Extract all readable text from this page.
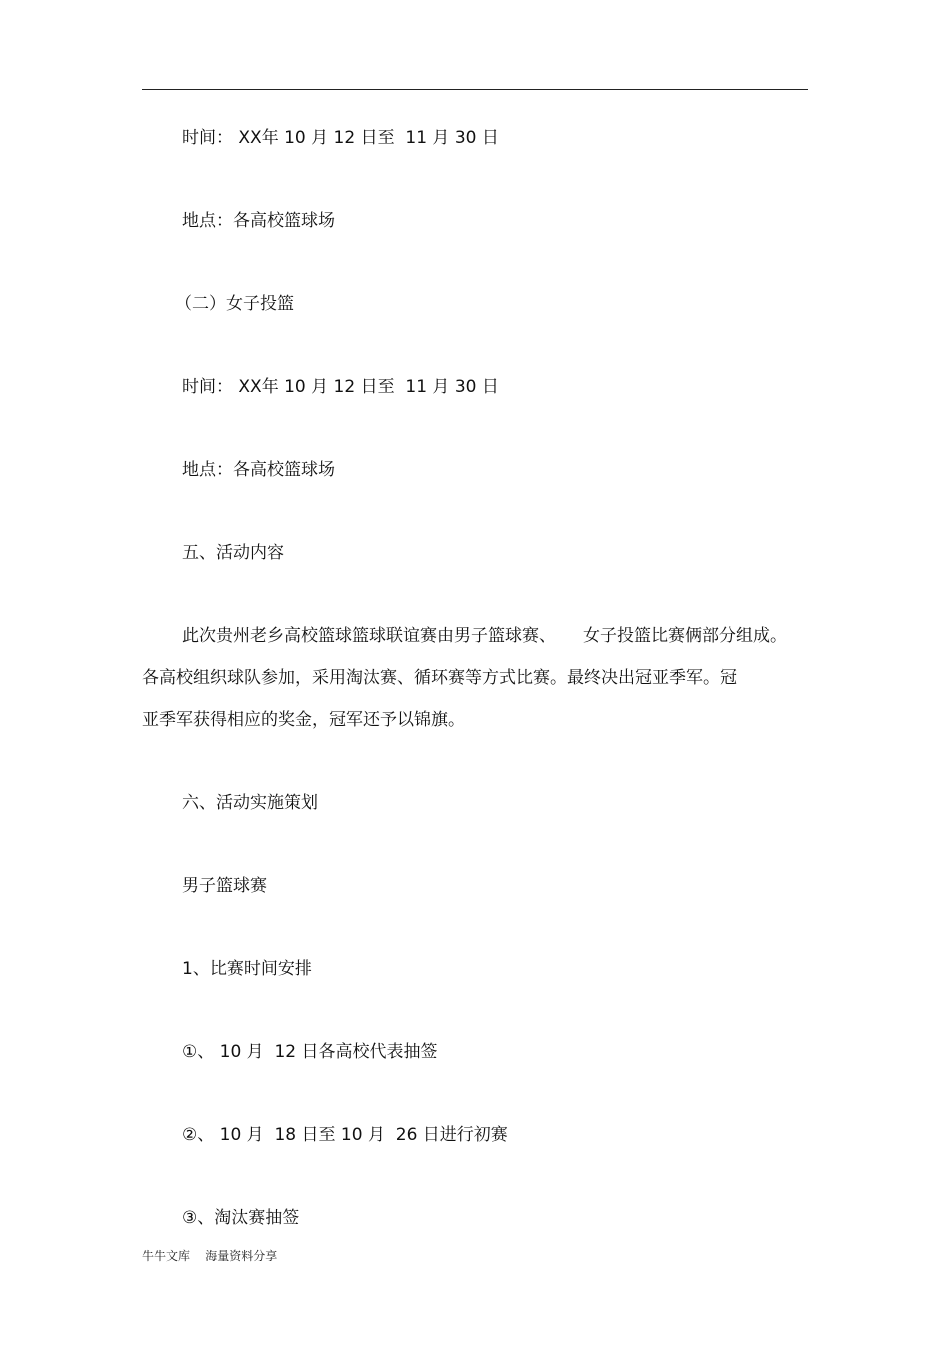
时间： XX年 10 月 12 日至  11 月 30 日
地点：各高校篮球场
（二）女子投篮
时间： XX年 10 月 12 日至  11 月 30 日
地点：各高校篮球场
五、活动内容
此次贵州老乡高校篮球篮球联谊赛由男子篮球赛、     女子投篮比赛俩部分组成。
各高校组织球队参加，采用淘汰赛、循环赛等方式比赛。最终决出冠亚季军。冠
亚季军获得相应的奖金，冠军还予以锦旗。
六、活动实施策划
男子篮球赛
1、比赛时间安排
①、 10 月  12 日各高校代表抽签
②、 10 月  18 日至 10 月  26 日进行初赛
③、淘汰赛抽签
牛牛文库    海量资料分享
